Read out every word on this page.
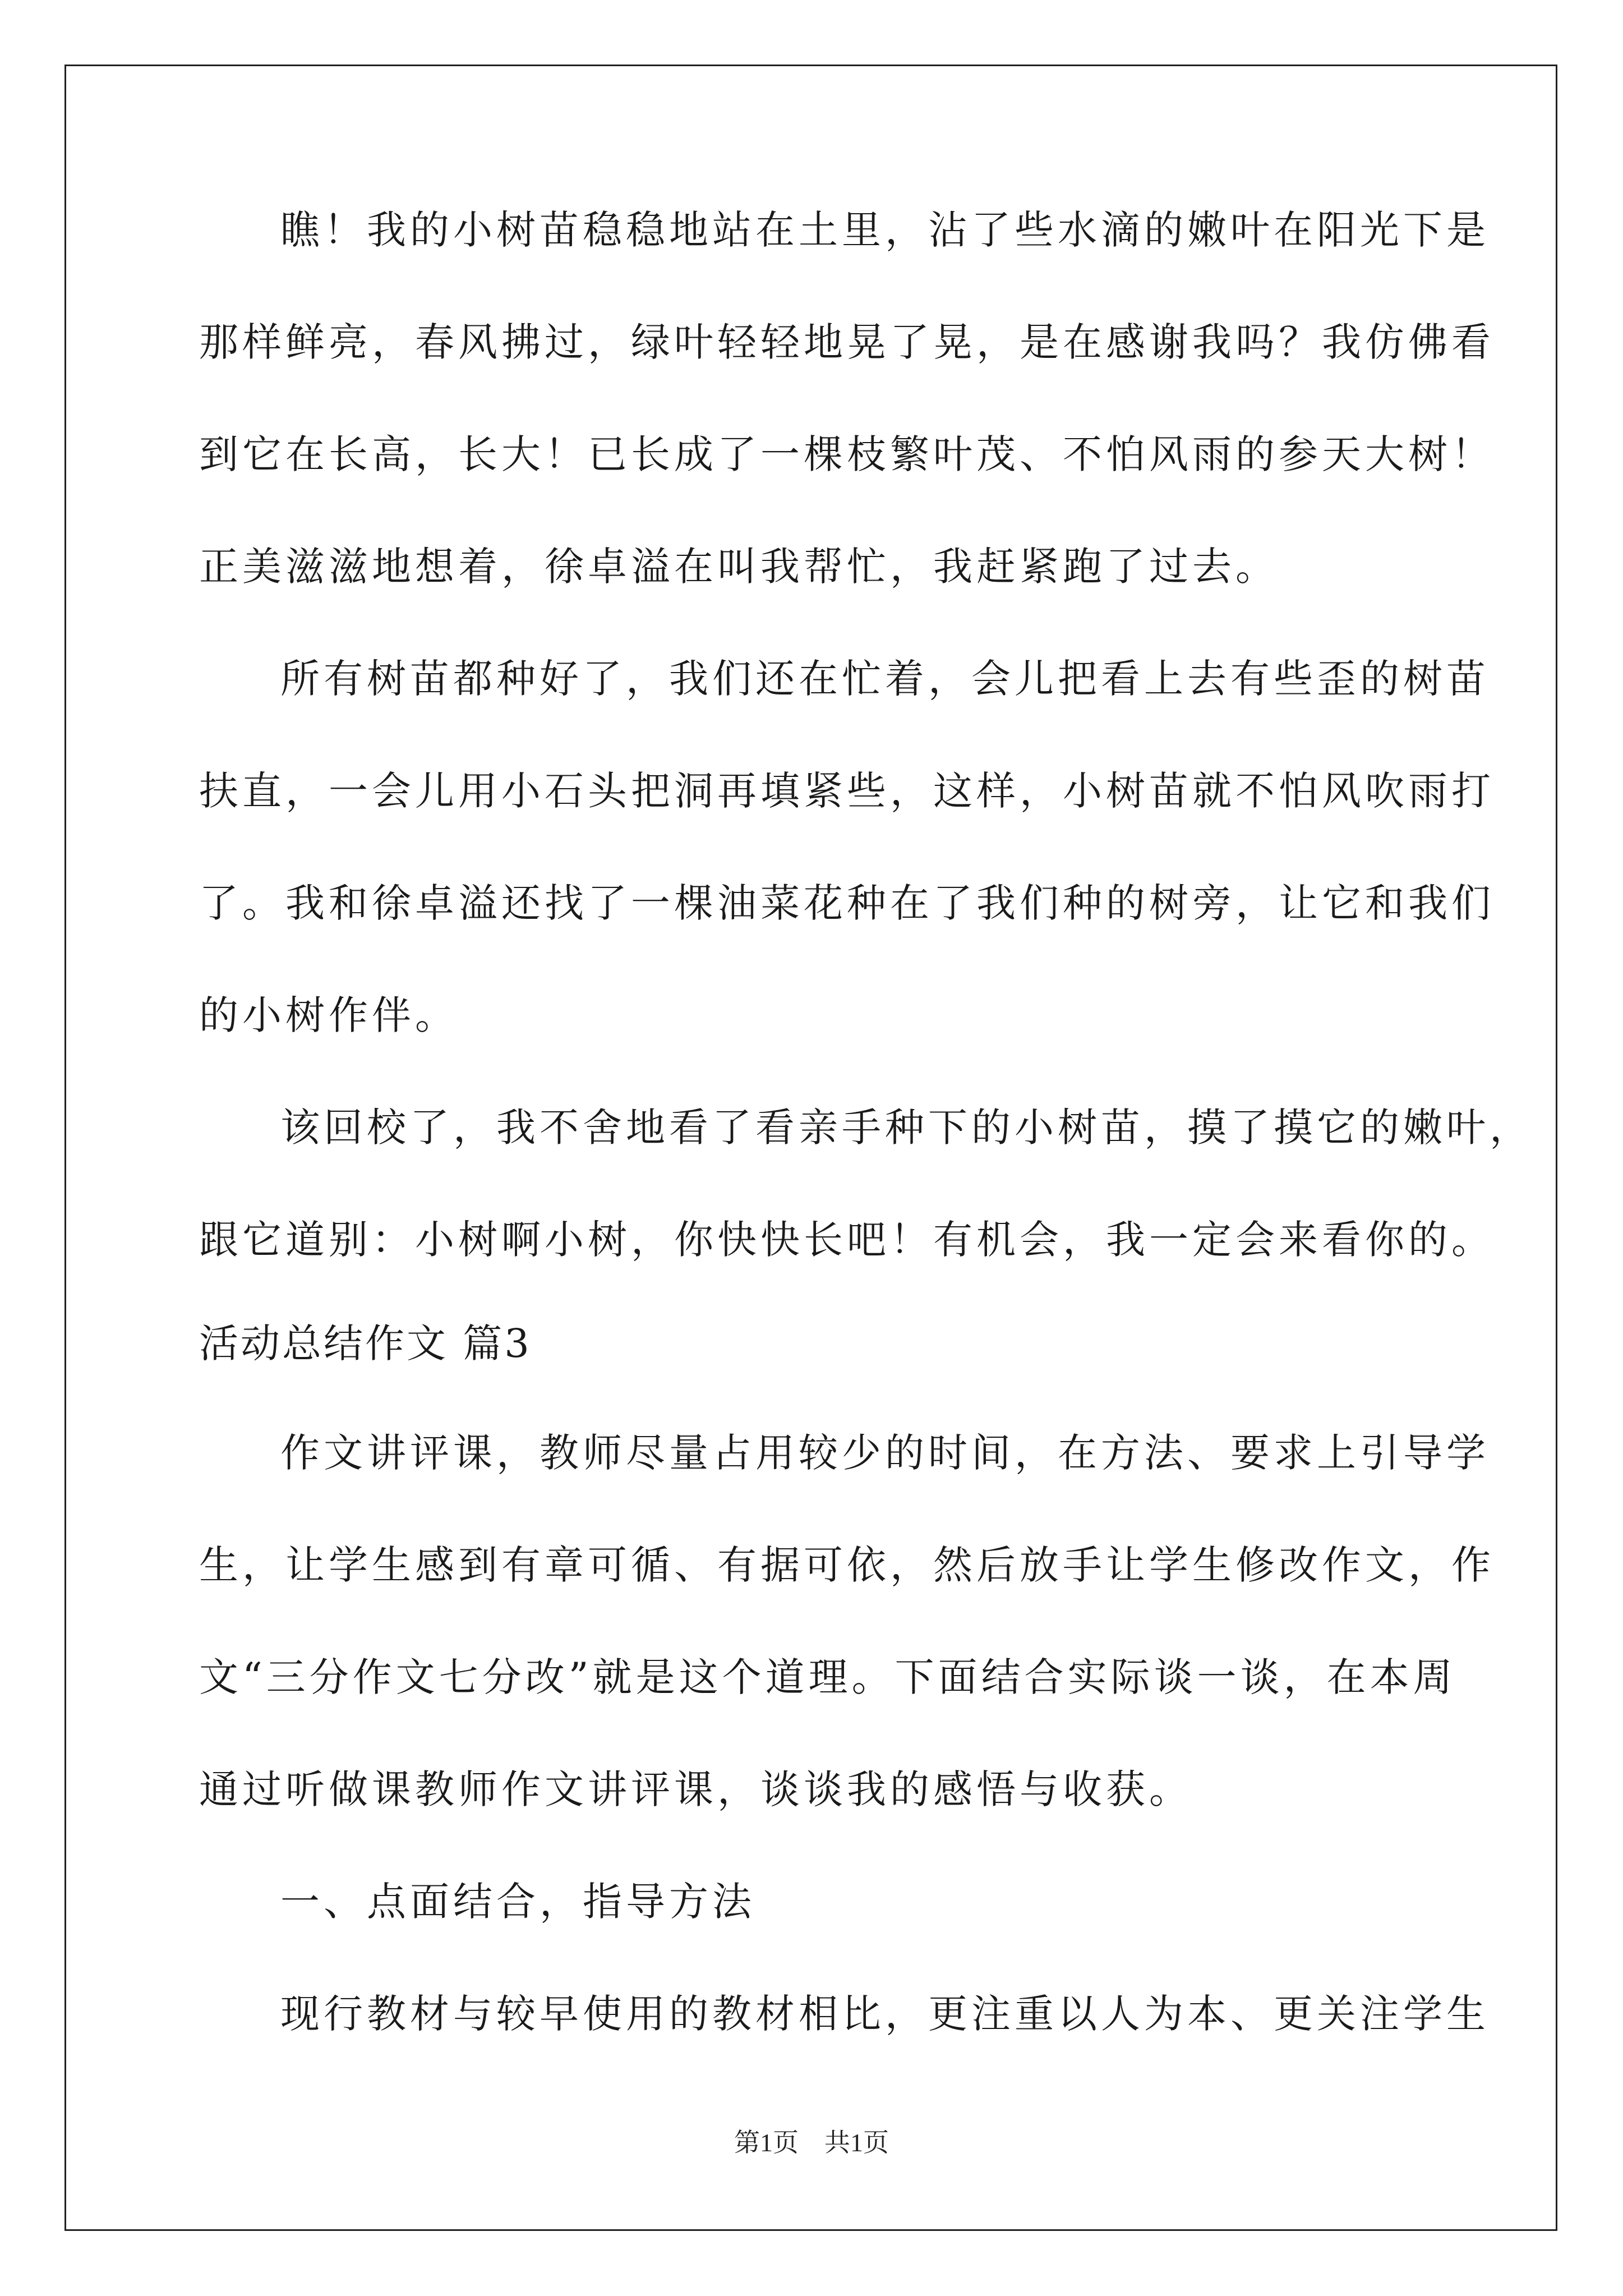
瞧！我的小树苗稳稳地站在土里，沾了些水滴的嫩叶在阳光下是
那样鲜亮，春风拂过，绿叶轻轻地晃了晃，是在感谢我吗？我仿佛看
到它在长高，长大！已长成了一棵枝繁叶茂、不怕风雨的参天大树！
正美滋滋地想着，徐卓溢在叫我帮忙，我赶紧跑了过去。
所有树苗都种好了，我们还在忙着，会儿把看上去有些歪的树苗
扶直，一会儿用小石头把洞再填紧些，这样，小树苗就不怕风吹雨打
了。我和徐卓溢还找了一棵油菜花种在了我们种的树旁，让它和我们
的小树作伴。
该回校了，我不舍地看了看亲手种下的小树苗，摸了摸它的嫩叶，
跟它道别：小树啊小树，你快快长吧！有机会，我一定会来看你的。
活动总结作文 篇3
作文讲评课，教师尽量占用较少的时间，在方法、要求上引导学
生，让学生感到有章可循、有据可依，然后放手让学生修改作文，作
文“三分作文七分改”就是这个道理。下面结合实际谈一谈，在本周
通过听做课教师作文讲评课，谈谈我的感悟与收获。
一、点面结合，指导方法
现行教材与较早使用的教材相比，更注重以人为本、更关注学生
第1页　共1页
